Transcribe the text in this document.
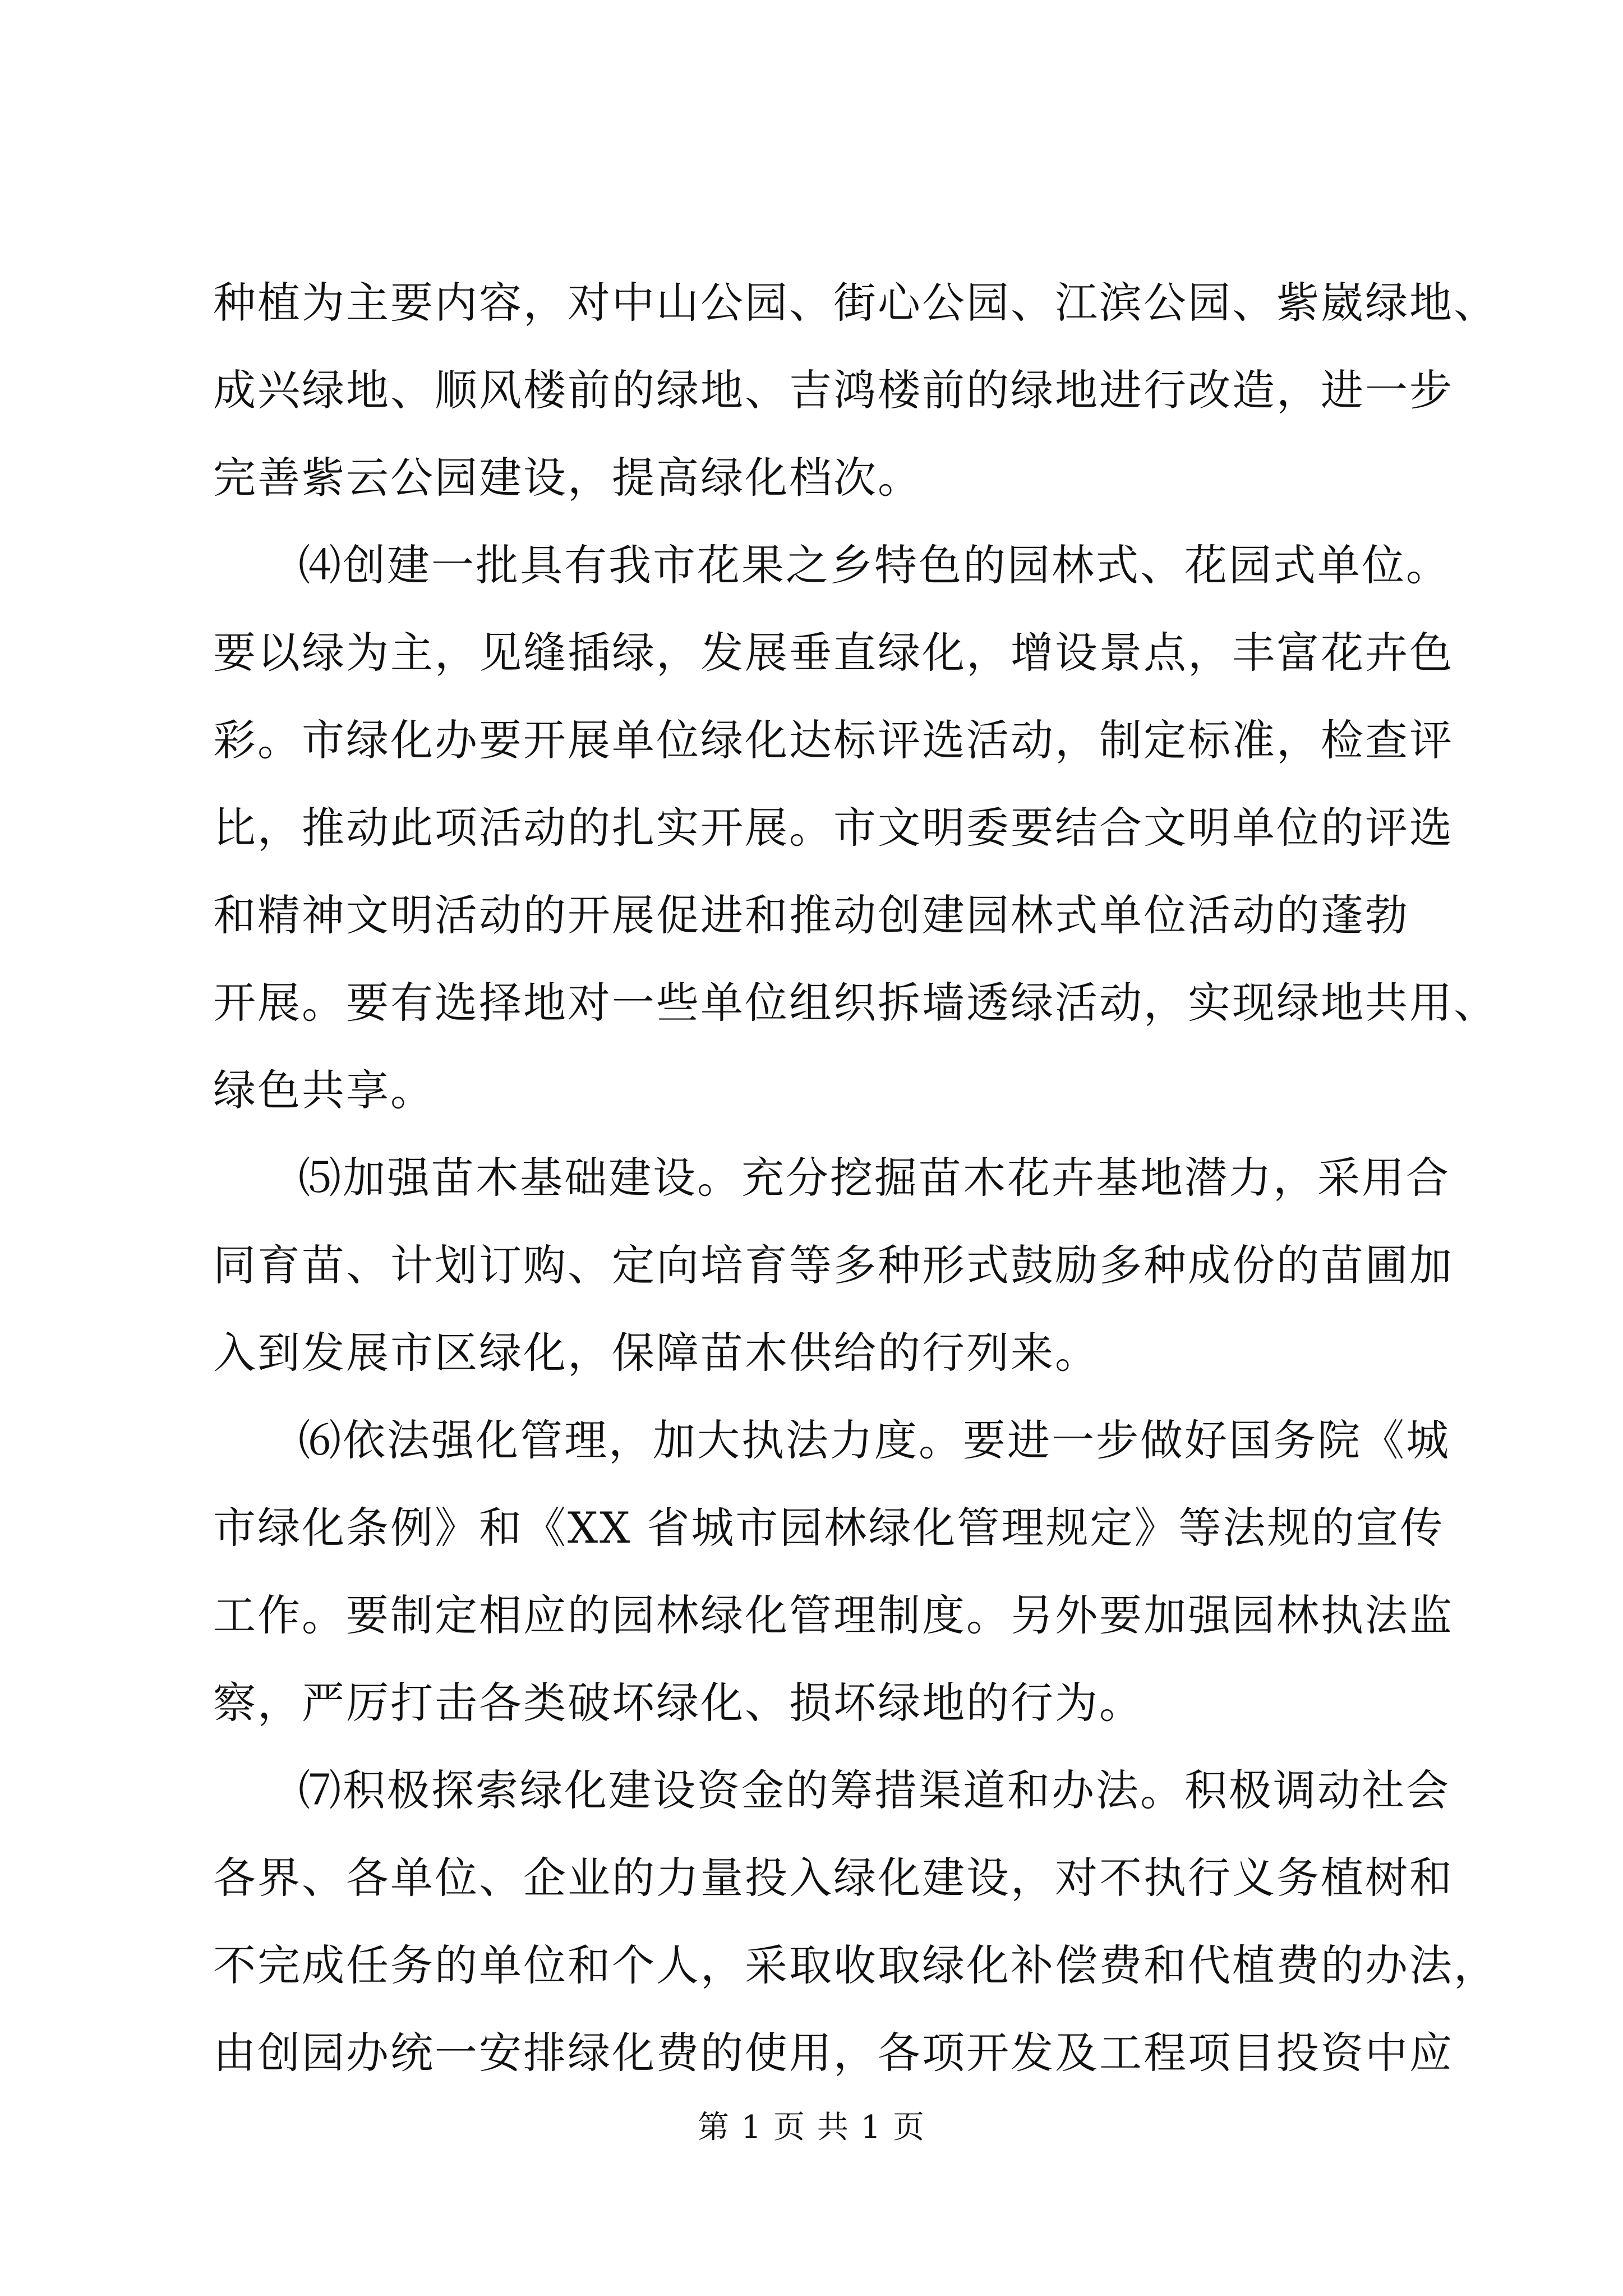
种植为主要内容，对中山公园、街心公园、江滨公园、紫崴绿地、
成兴绿地、顺风楼前的绿地、吉鸿楼前的绿地进行改造，进一步
完善紫云公园建设，提高绿化档次。
⑷创建一批具有我市花果之乡特色的园林式、花园式单位。
要以绿为主，见缝插绿，发展垂直绿化，增设景点，丰富花卉色
彩。市绿化办要开展单位绿化达标评选活动，制定标准，检查评
比，推动此项活动的扎实开展。市文明委要结合文明单位的评选
和精神文明活动的开展促进和推动创建园林式单位活动的蓬勃
开展。要有选择地对一些单位组织拆墙透绿活动，实现绿地共用、
绿色共享。
⑸加强苗木基础建设。充分挖掘苗木花卉基地潜力，采用合
同育苗、计划订购、定向培育等多种形式鼓励多种成份的苗圃加
入到发展市区绿化，保障苗木供给的行列来。
⑹依法强化管理，加大执法力度。要进一步做好国务院《城
市绿化条例》和《XX 省城市园林绿化管理规定》等法规的宣传
工作。要制定相应的园林绿化管理制度。另外要加强园林执法监
察，严厉打击各类破坏绿化、损坏绿地的行为。
⑺积极探索绿化建设资金的筹措渠道和办法。积极调动社会
各界、各单位、企业的力量投入绿化建设，对不执行义务植树和
不完成任务的单位和个人，采取收取绿化补偿费和代植费的办法，
由创园办统一安排绿化费的使用，各项开发及工程项目投资中应
第 1 页 共 1 页
